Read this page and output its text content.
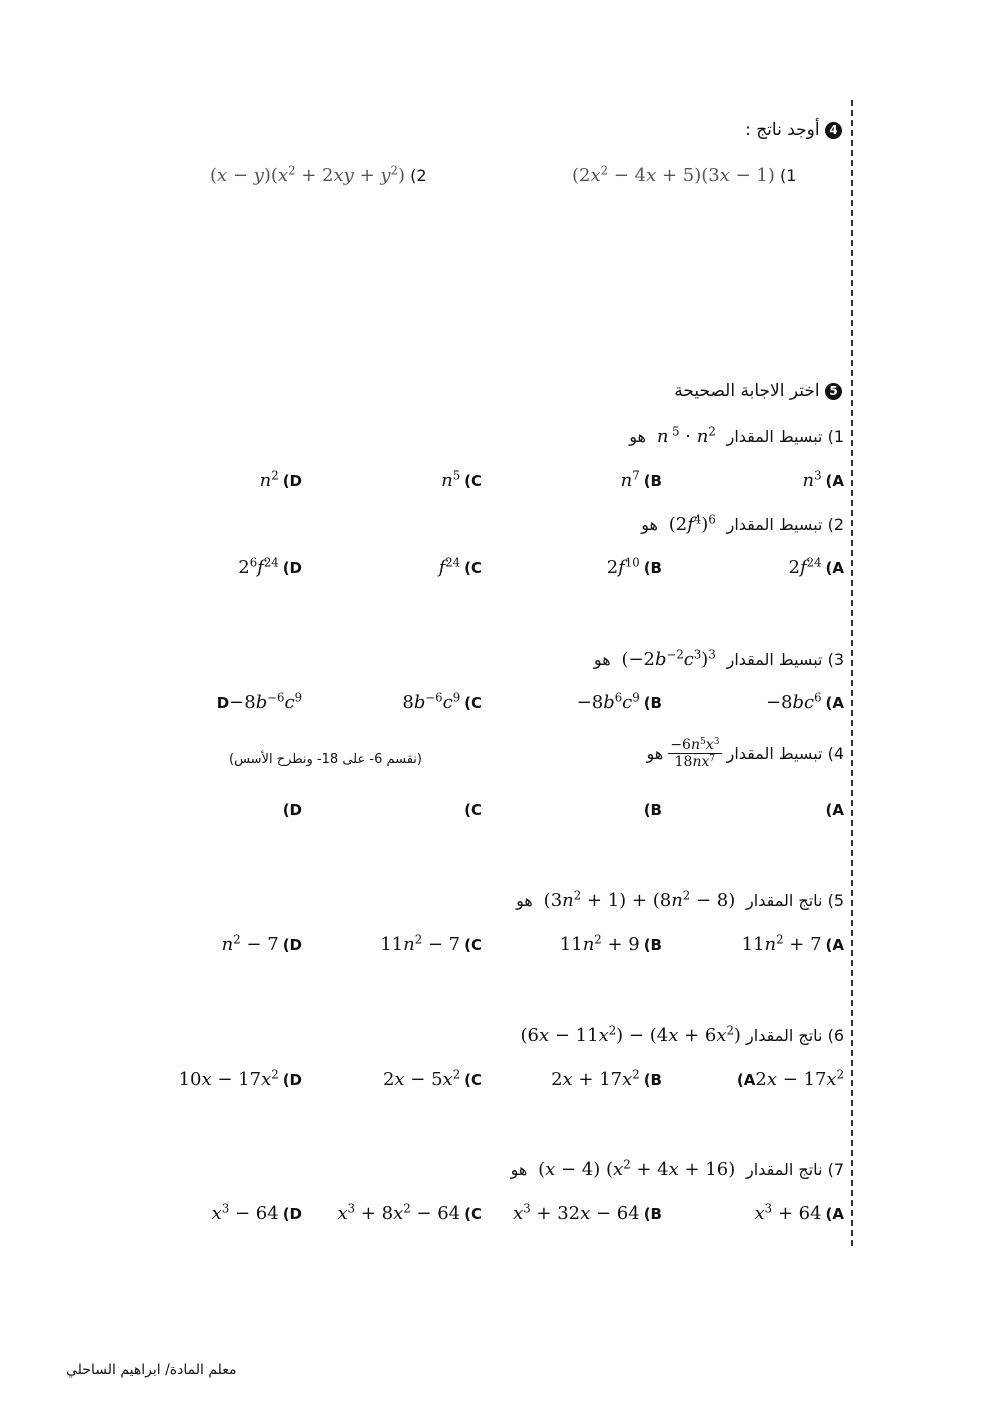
4 أوجد ناتج :
$(2x^2 - 4x + 5)(3x - 1)$ (1
$(x - y)(x^2 + 2xy + y^2)$ (2
5 اختر الاجابة الصحيحة
1) تبسيط المقدار  n $^5 \cdot n^2$  هو
$n^3$ (A
$n^7$ (B
$n^5$ (C
$n^2$ (D
2) تبسيط المقدار  $(2f^4)^6$  هو
$2f^{24}$ (A
$2f^{10}$ (B
$f^{24}$ (C
$2^6f^{24}$ (D
3) تبسيط المقدار  $(-2b^{-2}c^3)^3$  هو
$-8bc^6$ (A
$-8b^6c^9$ (B
$8b^{-6}c^9$ (C
$D-8b^{-6}c^9$
4) تبسيط المقدار
$\frac{-6n^5x^3}{18nx^7}$
هو
(نقسم 6- على 18- ونطرح الأسس)
(A
(B
(C
(D
5) ناتج المقدار  $(3n^2 + 1) + (8n^2 - 8)$  هو
$11n^2 + 7$ (A
$11n^2 + 9$ (B
$11n^2 - 7$ (C
$n^2 - 7$ (D
6) ناتج المقدار  $(6x - 11x^2) - (4x + 6x^2)$
($A2x - 17x^2$
$2x + 17x^2$ (B
$2x - 5x^2$ (C
$10x - 17x^2$ (D
7) ناتج المقدار  (x − 4) $(x^2 + 4x + 16)$  هو
$x^3 + 64$ (A
$x^3 + 32x - 64$ (B
$x^3 + 8x^2 - 64$ (C
$x^3 - 64$ (D
معلم المادة/ ابراهيم الساحلي
